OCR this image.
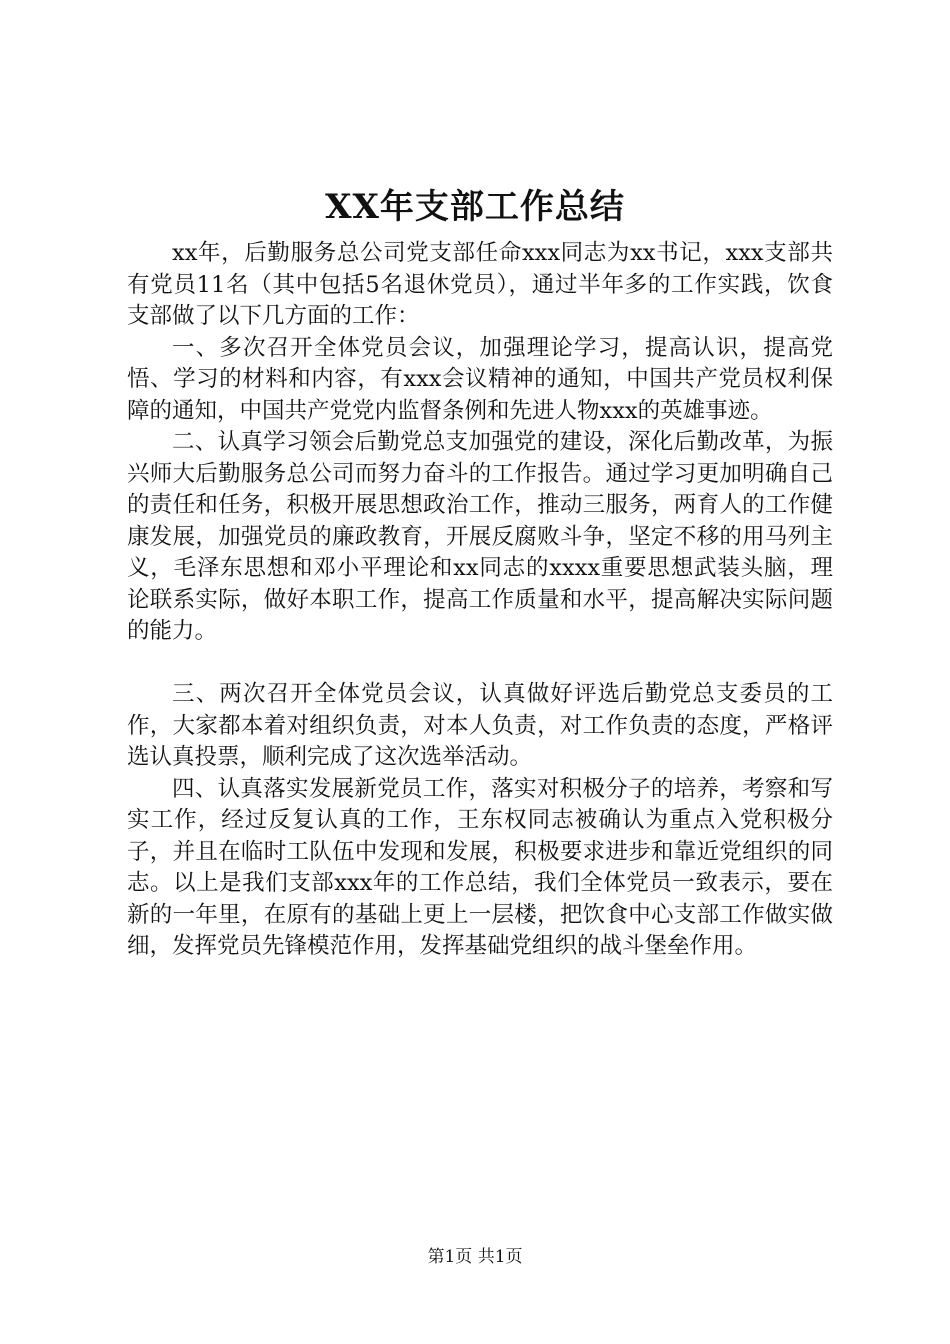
XX年支部工作总结

xx年，后勤服务总公司党支部任命xxx同志为xx书记，xxx支部共有党员11名（其中包括5名退休党员），通过半年多的工作实践，饮食支部做了以下几方面的工作：

一、多次召开全体党员会议，加强理论学习，提高认识，提高党悟、学习的材料和内容，有xxx会议精神的通知，中国共产党员权利保障的通知，中国共产党党内监督条例和先进人物xxx的英雄事迹。

二、认真学习领会后勤党总支加强党的建设，深化后勤改革，为振兴师大后勤服务总公司而努力奋斗的工作报告。通过学习更加明确自己的责任和任务，积极开展思想政治工作，推动三服务，两育人的工作健康发展，加强党员的廉政教育，开展反腐败斗争，坚定不移的用马列主义，毛泽东思想和邓小平理论和xx同志的xxxx重要思想武装头脑，理论联系实际，做好本职工作，提高工作质量和水平，提高解决实际问题的能力。

三、两次召开全体党员会议，认真做好评选后勤党总支委员的工作，大家都本着对组织负责，对本人负责，对工作负责的态度，严格评选认真投票，顺利完成了这次选举活动。

四、认真落实发展新党员工作，落实对积极分子的培养，考察和写实工作，经过反复认真的工作，王东权同志被确认为重点入党积极分子，并且在临时工队伍中发现和发展，积极要求进步和靠近党组织的同志。以上是我们支部xxx年的工作总结，我们全体党员一致表示，要在新的一年里，在原有的基础上更上一层楼，把饮食中心支部工作做实做细，发挥党员先锋模范作用，发挥基础党组织的战斗堡垒作用。

第1页 共1页
